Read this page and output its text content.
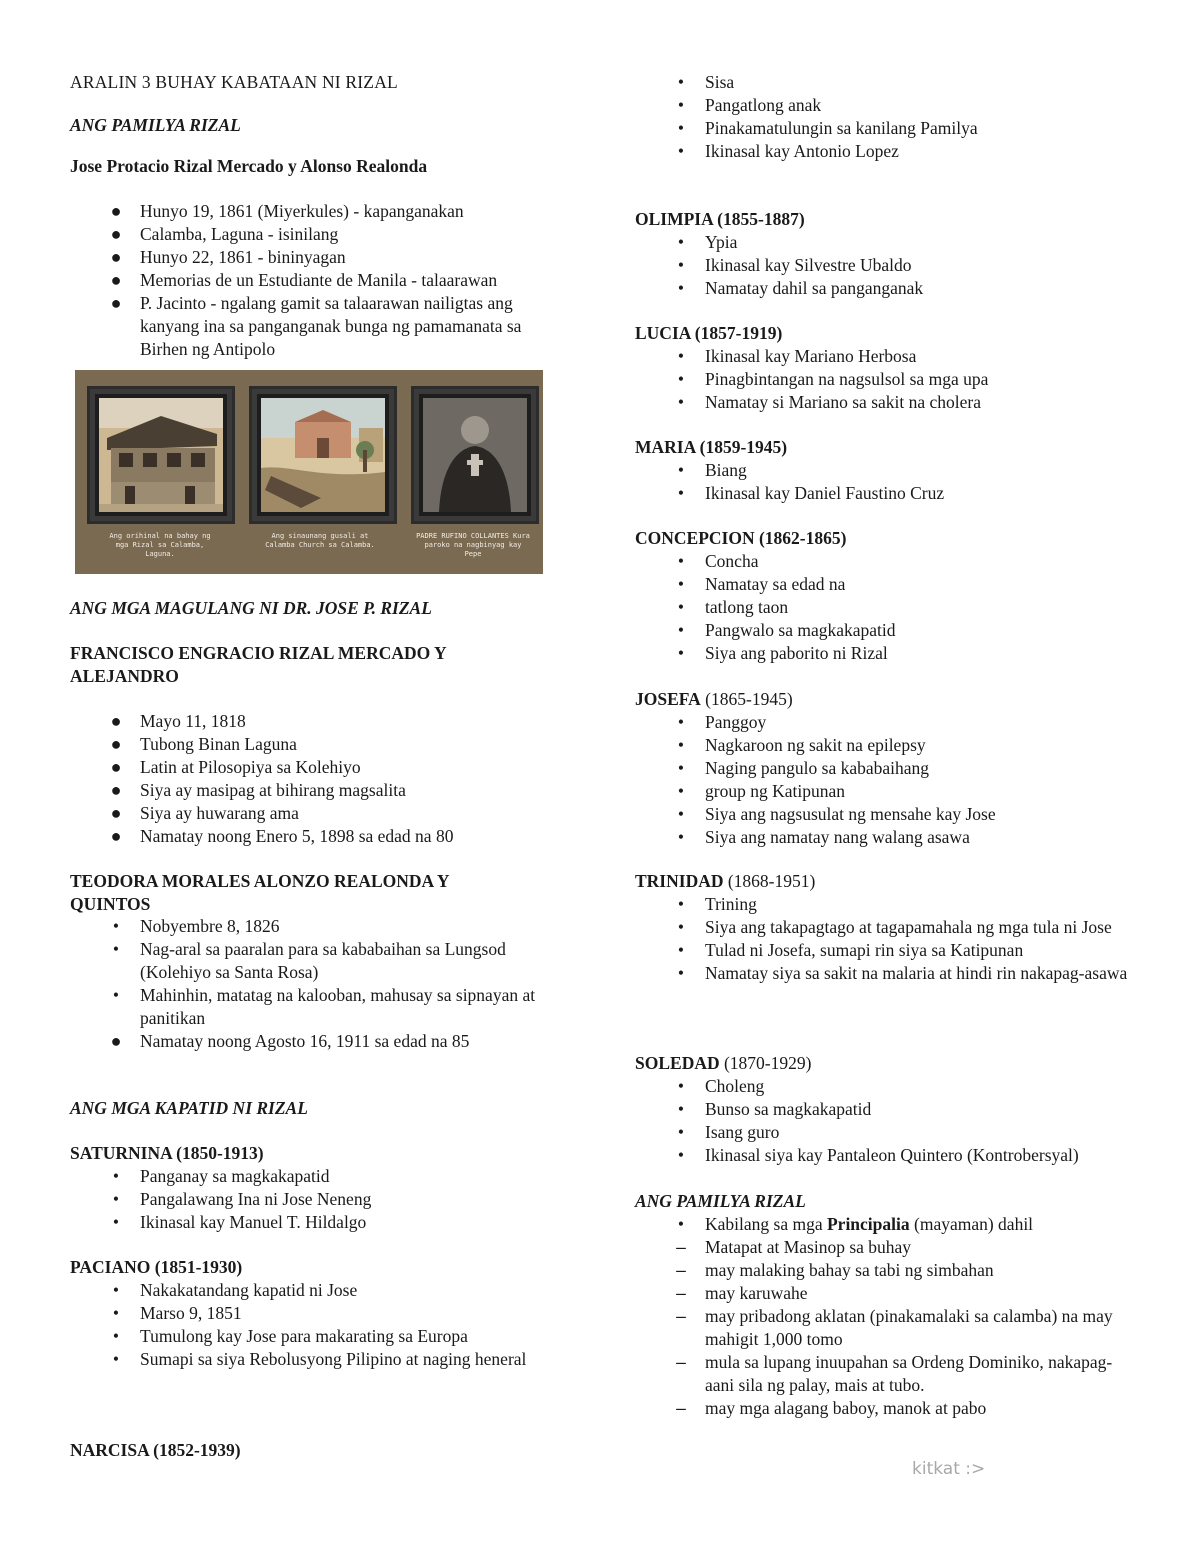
ARALIN 3 BUHAY KABATAAN NI RIZAL
ANG PAMILYA RIZAL
Jose Protacio Rizal Mercado y Alonso Realonda
● Hunyo 19, 1861 (Miyerkules) - kapanganakan
● Calamba, Laguna - isinilang
● Hunyo 22, 1861 - bininyagan
● Memorias de un Estudiante de Manila - talaarawan
● P. Jacinto - ngalang gamit sa talaarawan nailigtas ang kanyang ina sa panganganak bunga ng pamamanata sa Birhen ng Antipolo
Ang orihinal na bahay ng mga Rizal sa Calamba, Laguna.
Ang sinaunang gusali at Calamba Church sa Calamba.
PADRE RUFINO COLLANTES Kura paroko na nagbinyag kay Pepe
ANG MGA MAGULANG NI DR. JOSE P. RIZAL
FRANCISCO ENGRACIO RIZAL MERCADO Y ALEJANDRO
● Mayo 11, 1818
● Tubong Binan Laguna
● Latin at Pilosopiya sa Kolehiyo
● Siya ay masipag at bihirang magsalita
● Siya ay huwarang ama
● Namatay noong Enero 5, 1898 sa edad na 80
TEODORA MORALES ALONZO REALONDA Y QUINTOS
•	Nobyembre 8, 1826
•	Nag-aral sa paaralan para sa kababaihan sa Lungsod (Kolehiyo sa Santa Rosa)
•	Mahinhin, matatag na kalooban, mahusay sa sipnayan at panitikan
● Namatay noong Agosto 16, 1911 sa edad na 85
ANG MGA KAPATID NI RIZAL
SATURNINA (1850-1913)
•	Panganay sa magkakapatid
•	Pangalawang Ina ni Jose Neneng
•	Ikinasal kay Manuel T. Hildalgo
PACIANO (1851-1930)
•	Nakakatandang kapatid ni Jose
•	Marso 9, 1851
•	Tumulong kay Jose para makarating sa Europa
•	Sumapi sa siya Rebolusyong Pilipino at naging heneral
NARCISA (1852-1939)
•	Sisa
•	Pangatlong anak
•	Pinakamatulungin sa kanilang Pamilya
•	Ikinasal kay Antonio Lopez
OLIMPIA (1855-1887)
•	Ypia
•	Ikinasal kay Silvestre Ubaldo
•	Namatay dahil sa panganganak
LUCIA (1857-1919)
•	Ikinasal kay Mariano Herbosa
•	Pinagbintangan na nagsulsol sa mga upa
•	Namatay si Mariano sa sakit na cholera
MARIA (1859-1945)
•	Biang
•	Ikinasal kay Daniel Faustino Cruz
CONCEPCION (1862-1865)
•	Concha
•	Namatay sa edad na
•	tatlong taon
•	Pangwalo sa magkakapatid
•	Siya ang paborito ni Rizal
JOSEFA (1865-1945)
•	Panggoy
•	Nagkaroon ng sakit na epilepsy
•	Naging pangulo sa kababaihang
•	group ng Katipunan
•	Siya ang nagsusulat ng mensahe kay Jose
•	Siya ang namatay nang walang asawa
TRINIDAD (1868-1951)
•	Trining
•	Siya ang takapagtago at tagapamahala ng mga tula ni Jose
•	Tulad ni Josefa, sumapi rin siya sa Katipunan
•	Namatay siya sa sakit na malaria at hindi rin nakapag-asawa
SOLEDAD (1870-1929)
•	Choleng
•	Bunso sa magkakapatid
•	Isang guro
•	Ikinasal siya kay Pantaleon Quintero (Kontrobersyal)
ANG PAMILYA RIZAL
•	Kabilang sa mga Principalia (mayaman) dahil
– Matapat at Masinop sa buhay
– may malaking bahay sa tabi ng simbahan
– may karuwahe
– may pribadong aklatan (pinakamalaki sa calamba) na may mahigit 1,000 tomo
– mula sa lupang inuupahan sa Ordeng Dominiko, nakapag-aani sila ng palay, mais at tubo.
– may mga alagang baboy, manok at pabo
kitkat :>
